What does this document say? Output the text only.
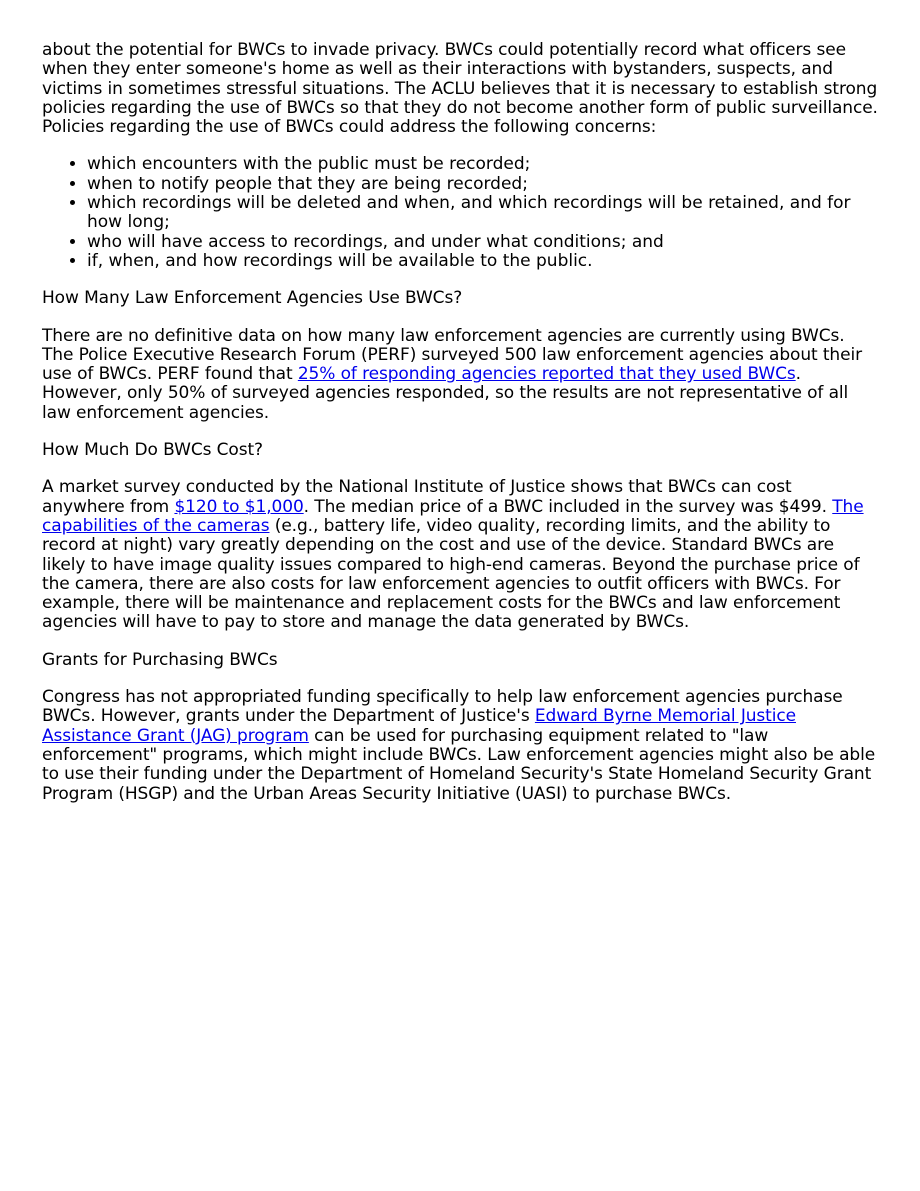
about the potential for BWCs to invade privacy. BWCs could potentially record what officers see when they enter someone's home as well as their interactions with bystanders, suspects, and victims in sometimes stressful situations. The ACLU believes that it is necessary to establish strong policies regarding the use of BWCs so that they do not become another form of public surveillance. Policies regarding the use of BWCs could address the following concerns:

• which encounters with the public must be recorded;
• when to notify people that they are being recorded;
• which recordings will be deleted and when, and which recordings will be retained, and for how long;
• who will have access to recordings, and under what conditions; and
• if, when, and how recordings will be available to the public.

How Many Law Enforcement Agencies Use BWCs?

There are no definitive data on how many law enforcement agencies are currently using BWCs. The Police Executive Research Forum (PERF) surveyed 500 law enforcement agencies about their use of BWCs. PERF found that 25% of responding agencies reported that they used BWCs. However, only 50% of surveyed agencies responded, so the results are not representative of all law enforcement agencies.

How Much Do BWCs Cost?

A market survey conducted by the National Institute of Justice shows that BWCs can cost anywhere from $120 to $1,000. The median price of a BWC included in the survey was $499. The capabilities of the cameras (e.g., battery life, video quality, recording limits, and the ability to record at night) vary greatly depending on the cost and use of the device. Standard BWCs are likely to have image quality issues compared to high-end cameras. Beyond the purchase price of the camera, there are also costs for law enforcement agencies to outfit officers with BWCs. For example, there will be maintenance and replacement costs for the BWCs and law enforcement agencies will have to pay to store and manage the data generated by BWCs.

Grants for Purchasing BWCs

Congress has not appropriated funding specifically to help law enforcement agencies purchase BWCs. However, grants under the Department of Justice's Edward Byrne Memorial Justice Assistance Grant (JAG) program can be used for purchasing equipment related to "law enforcement" programs, which might include BWCs. Law enforcement agencies might also be able to use their funding under the Department of Homeland Security's State Homeland Security Grant Program (HSGP) and the Urban Areas Security Initiative (UASI) to purchase BWCs.
